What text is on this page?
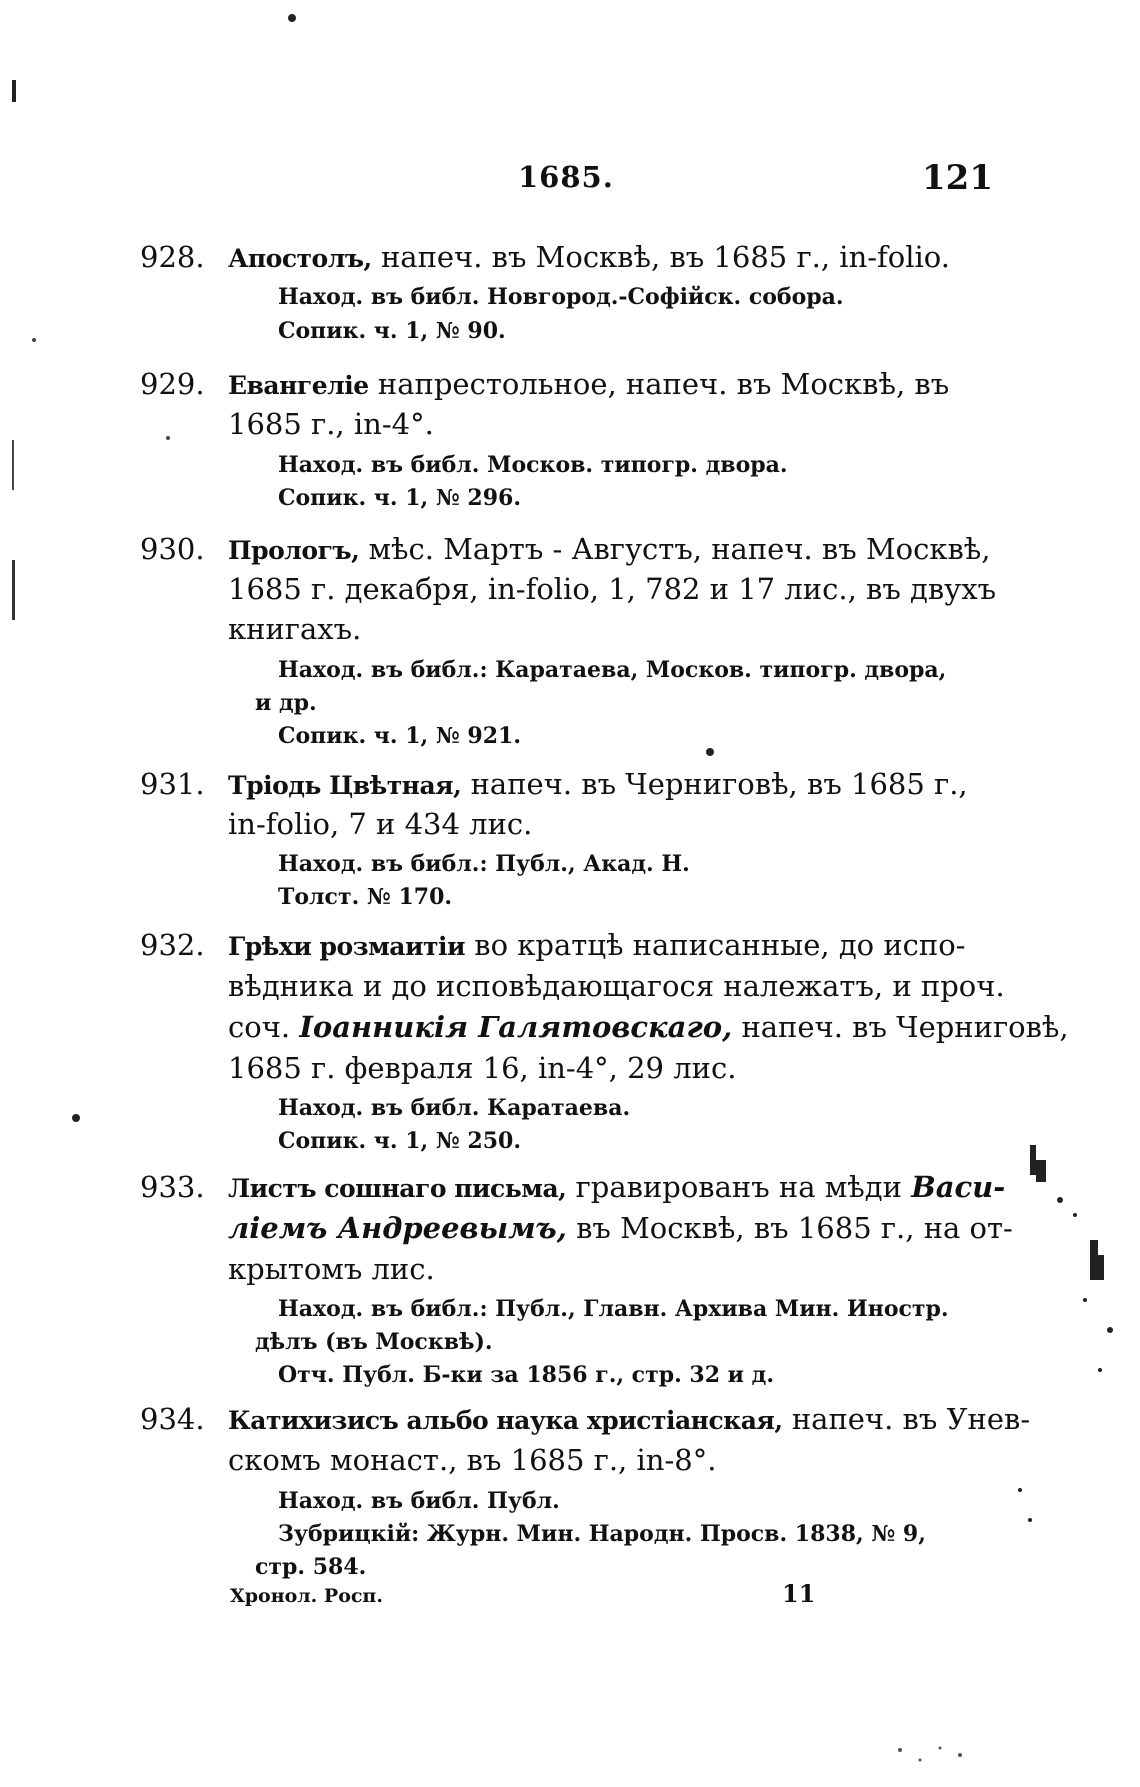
1685.	121
928. Апостолъ, напеч. въ Москвѣ, въ 1685 г., in-folio.
Наход. въ библ. Новгород.-Софійск. собора.
Сопик. ч. 1, № 90.
929. Евангеліе напрестольное, напеч. въ Москвѣ, въ
1685 г., in-4°.
Наход. въ библ. Москов. типогр. двора.
Сопик. ч. 1, № 296.
930. Прологъ, мѣс. Мартъ - Августъ, напеч. въ Москвѣ,
1685 г. декабря, in-folio, 1, 782 и 17 лис., въ двухъ
книгахъ.
Наход. въ библ.: Каратаева, Москов. типогр. двора,
и др.
Сопик. ч. 1, № 921.
931. Тріодь Цвѣтная, напеч. въ Черниговѣ, въ 1685 г.,
in-folio, 7 и 434 лис.
Наход. въ библ.: Публ., Акад. Н.
Толст. № 170.
932. Грѣхи розмаитіи во кратцѣ написанные, до испо-
вѣдника и до исповѣдающагося належатъ, и проч.
соч. Іоанникія Галятовскаго, напеч. въ Черниговѣ,
1685 г. февраля 16, in-4°, 29 лис.
Наход. въ библ. Каратаева.
Сопик. ч. 1, № 250.
933. Листъ сошнаго письма, гравированъ на мѣди Васи-
ліемъ Андреевымъ, въ Москвѣ, въ 1685 г., на от-
крытомъ лис.
Наход. въ библ.: Публ., Главн. Архива Мин. Иностр.
дѣлъ (въ Москвѣ).
Отч. Публ. Б-ки за 1856 г., стр. 32 и д.
934. Катихизисъ альбо наука христіанская, напеч. въ Унев-
скомъ монаст., въ 1685 г., in-8°.
Наход. въ библ. Публ.
Зубрицкій: Журн. Мин. Народн. Просв. 1838, № 9,
стр. 584.
Хронол. Росп.	11
